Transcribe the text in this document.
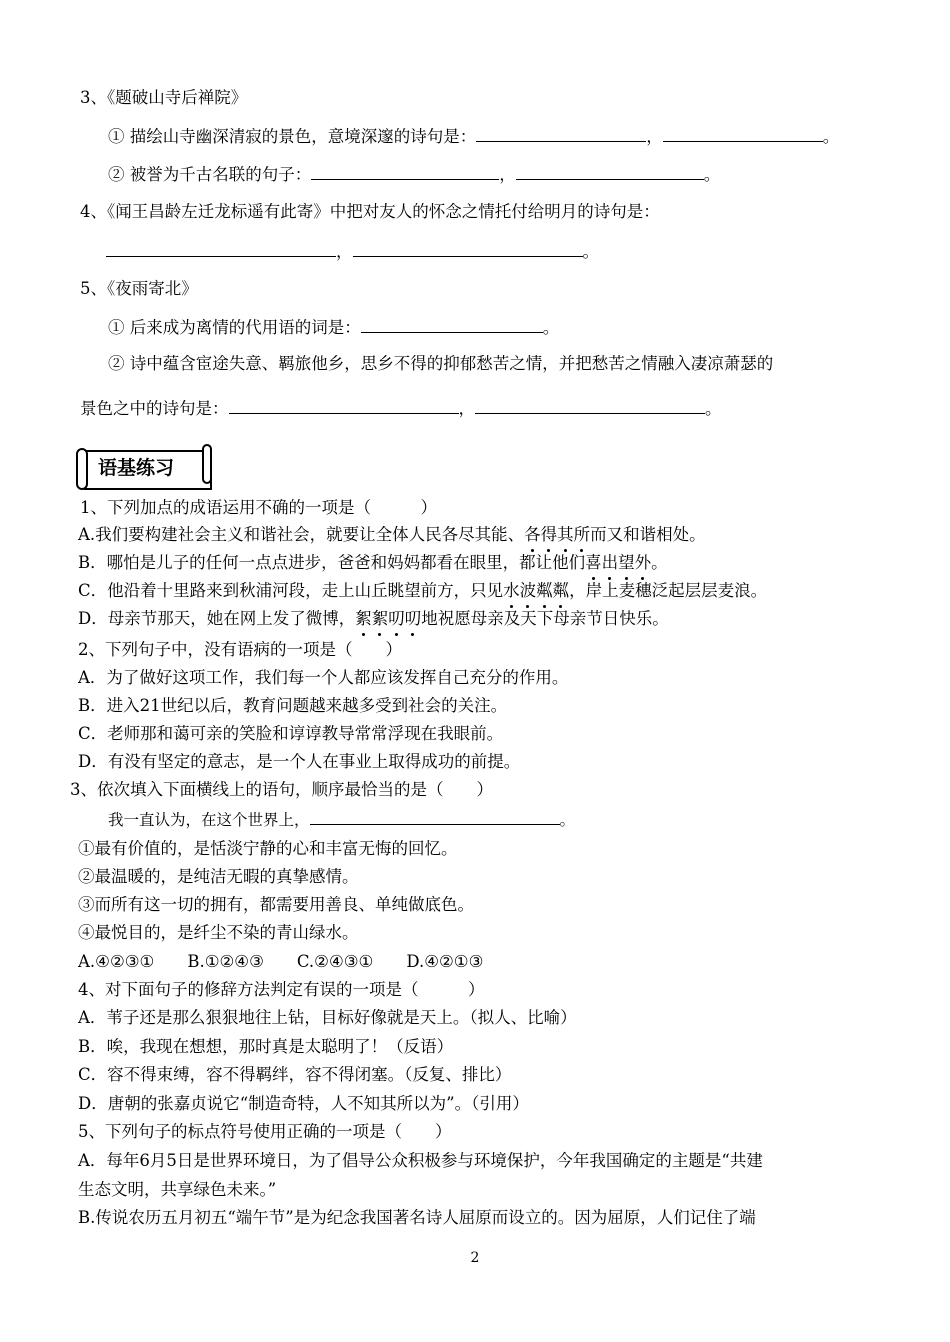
3、《题破山寺后禅院》
① 描绘山寺幽深清寂的景色，意境深邃的诗句是：	，	。
② 被誉为千古名联的句子：	，	。
4、《闻王昌龄左迁龙标遥有此寄》中把对友人的怀念之情托付给明月的诗句是：
，	。
5、《夜雨寄北》
① 后来成为离情的代用语的词是：	。
② 诗中蕴含宦途失意、羁旅他乡，思乡不得的抑郁愁苦之情，并把愁苦之情融入凄凉萧瑟的
景色之中的诗句是：	，	。
语基练习
1、下列加点的成语运用不确的一项是（　　　）
A.我们要构建社会主义和谐社会，就要让全体人民各尽其能、各得其所而又和谐相处。
B．哪怕是儿子的任何一点点进步，爸爸和妈妈都看在眼里，都让他们喜出望外。
C．他沿着十里路来到秋浦河段，走上山丘眺望前方，只见水波粼粼，岸上麦穗泛起层层麦浪。
D．母亲节那天，她在网上发了微博，絮絮叨叨地祝愿母亲及天下母亲节日快乐。
2、下列句子中，没有语病的一项是（　　）
A．为了做好这项工作，我们每一个人都应该发挥自己充分的作用。
B．进入21世纪以后，教育问题越来越多受到社会的关注。
C．老师那和蔼可亲的笑脸和谆谆教导常常浮现在我眼前。
D．有没有坚定的意志，是一个人在事业上取得成功的前提。
3、依次填入下面横线上的语句，顺序最恰当的是（　　）
我一直认为，在这个世界上，	。
①最有价值的，是恬淡宁静的心和丰富无悔的回忆。
②最温暖的，是纯洁无暇的真挚感情。
③而所有这一切的拥有，都需要用善良、单纯做底色。
④最悦目的，是纤尘不染的青山绿水。
A.④②③①　　B.①②④③　　C.②④③①　　D.④②①③
4、对下面句子的修辞方法判定有误的一项是（　　　）
A．苇子还是那么狠狠地往上钻，目标好像就是天上。（拟人、比喻）
B．唉，我现在想想，那时真是太聪明了！（反语）
C．容不得束缚，容不得羁绊，容不得闭塞。（反复、排比）
D．唐朝的张嘉贞说它“制造奇特，人不知其所以为”。（引用）
5、下列句子的标点符号使用正确的一项是（　　）
A．每年6月5日是世界环境日，为了倡导公众积极参与环境保护，今年我国确定的主题是“共建
生态文明，共享绿色未来。”
B.传说农历五月初五“端午节”是为纪念我国著名诗人屈原而设立的。因为屈原，人们记住了端
2
